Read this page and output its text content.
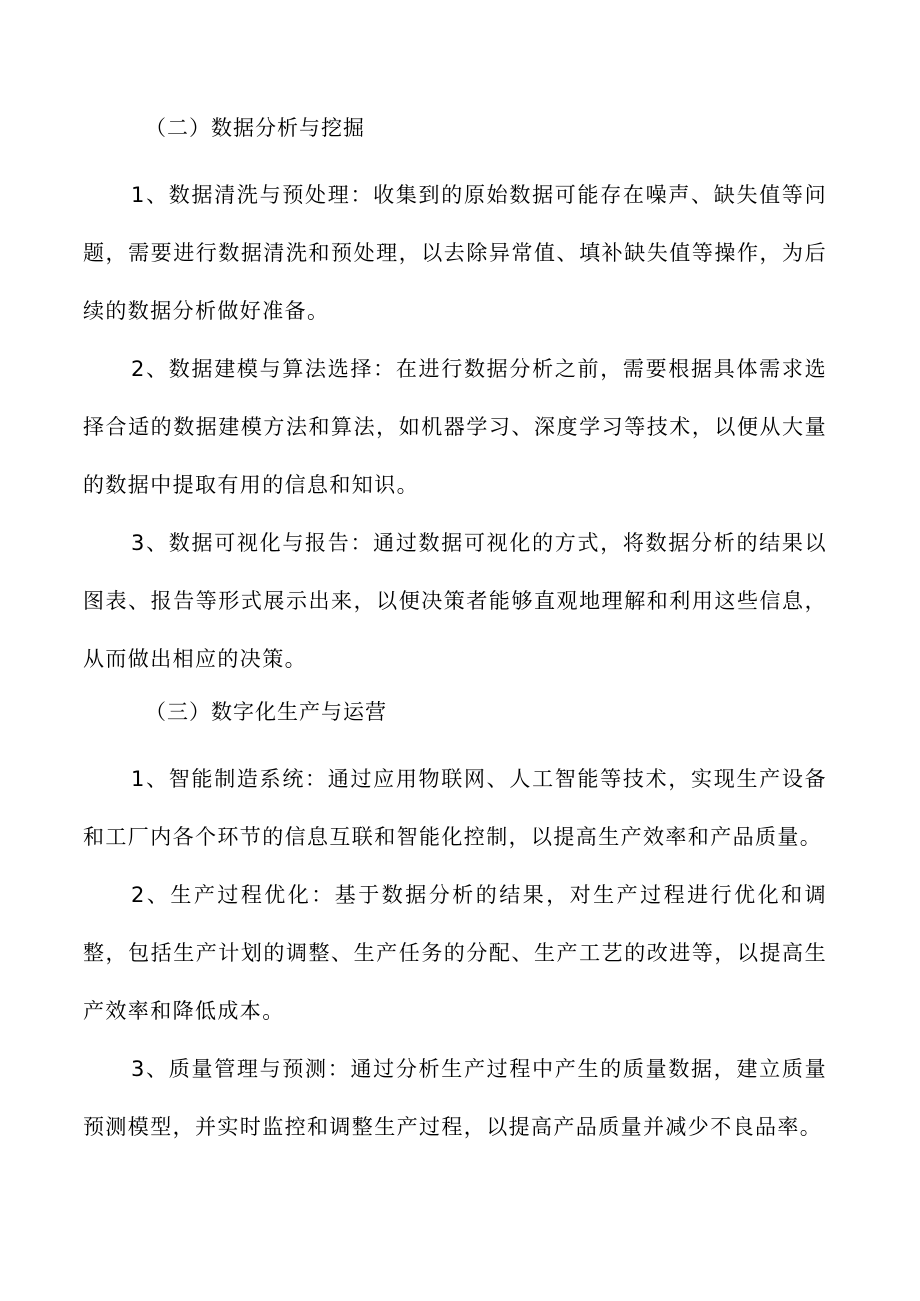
（二）数据分析与挖掘

1、数据清洗与预处理：收集到的原始数据可能存在噪声、缺失值等问题，需要进行数据清洗和预处理，以去除异常值、填补缺失值等操作，为后续的数据分析做好准备。

2、数据建模与算法选择：在进行数据分析之前，需要根据具体需求选择合适的数据建模方法和算法，如机器学习、深度学习等技术，以便从大量的数据中提取有用的信息和知识。

3、数据可视化与报告：通过数据可视化的方式，将数据分析的结果以图表、报告等形式展示出来，以便决策者能够直观地理解和利用这些信息，从而做出相应的决策。

（三）数字化生产与运营

1、智能制造系统：通过应用物联网、人工智能等技术，实现生产设备和工厂内各个环节的信息互联和智能化控制，以提高生产效率和产品质量。

2、生产过程优化：基于数据分析的结果，对生产过程进行优化和调整，包括生产计划的调整、生产任务的分配、生产工艺的改进等，以提高生产效率和降低成本。

3、质量管理与预测：通过分析生产过程中产生的质量数据，建立质量预测模型，并实时监控和调整生产过程，以提高产品质量并减少不良品率。
